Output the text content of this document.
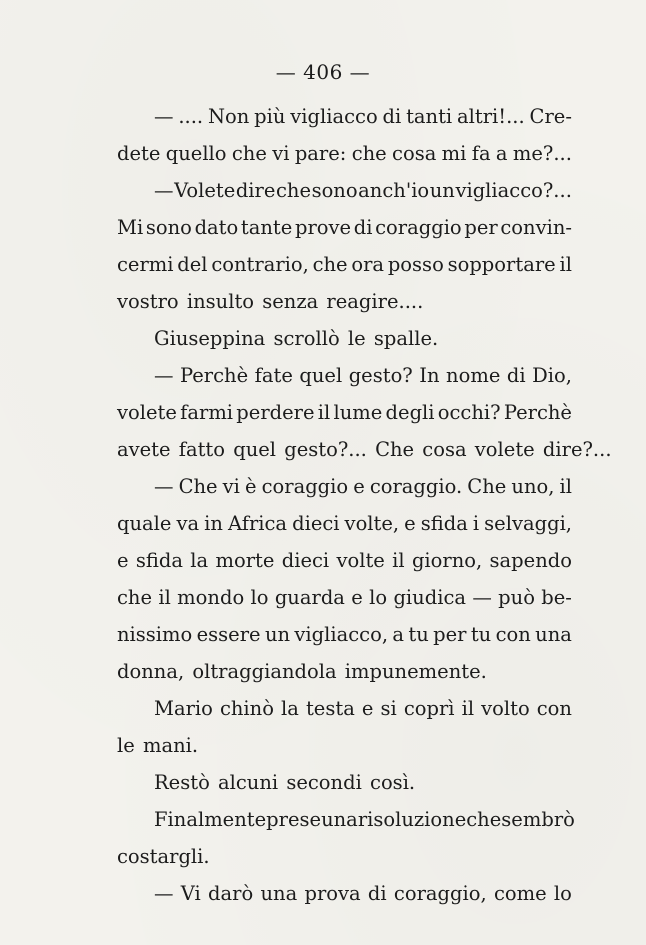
— 406 —
— .... Non più vigliacco di tanti altri!... Cre-
dete quello che vi pare: che cosa mi fa a me?...
— Volete dire che sono anch'io un vigliacco?...
Mi sono dato tante prove di coraggio per convin-
cermi del contrario, che ora posso sopportare il
vostro insulto senza reagire....
Giuseppina scrollò le spalle.
— Perchè fate quel gesto? In nome di Dio,
volete farmi perdere il lume degli occhi? Perchè
avete fatto quel gesto?... Che cosa volete dire?...
— Che vi è coraggio e coraggio. Che uno, il
quale va in Africa dieci volte, e sfida i selvaggi,
e sfida la morte dieci volte il giorno, sapendo
che il mondo lo guarda e lo giudica — può be-
nissimo essere un vigliacco, a tu per tu con una
donna, oltraggiandola impunemente.
Mario chinò la testa e si coprì il volto con
le mani.
Restò alcuni secondi così.
Finalmente prese una risoluzione che sembrò
costargli.
— Vi darò una prova di coraggio, come lo
